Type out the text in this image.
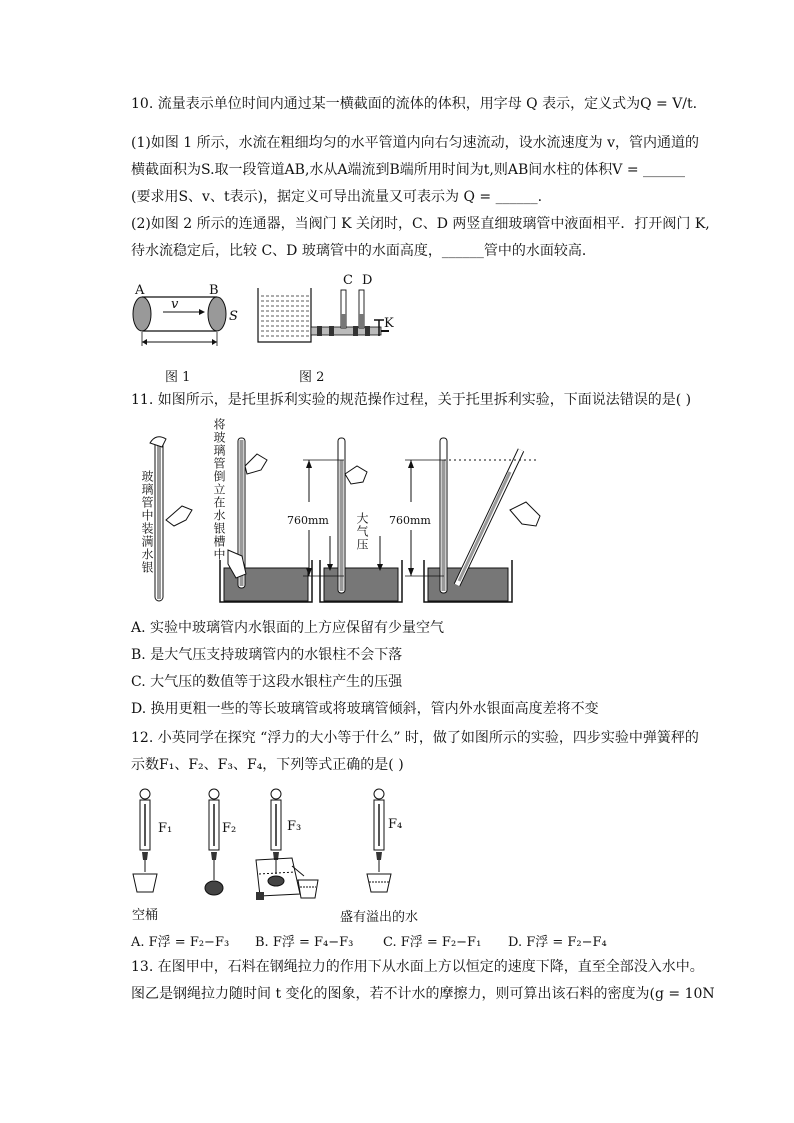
10. 流量表示单位时间内通过某一横截面的流体的体积，用字母 Q 表示，定义式为Q = V/t.
(1)如图 1 所示，水流在粗细均匀的水平管道内向右匀速流动，设水流速度为 v，管内通道的
横截面积为S.取一段管道AB,水从A端流到B端所用时间为t,则AB间水柱的体积V = ______
(要求用S、v、t表示)，据定义可导出流量又可表示为 Q = ______.
(2)如图 2 所示的连通器，当阀门 K 关闭时，C、D 两竖直细玻璃管中液面相平．打开阀门 K,
待水流稳定后，比较 C、D 玻璃管中的水面高度，______管中的水面较高．
A	B
v
S
图 1
C D
K
图 2
11. 如图所示，是托里拆利实验的规范操作过程，关于托里拆利实验，下面说法错误的是( )
玻璃管中装满水银	将玻璃管倒立在水银槽中	大气压
760mm	760mm
A. 实验中玻璃管内水银面的上方应保留有少量空气
B. 是大气压支持玻璃管内的水银柱不会下落
C. 大气压的数值等于这段水银柱产生的压强
D. 换用更粗一些的等长玻璃管或将玻璃管倾斜，管内外水银面高度差将不变
12. 小英同学在探究 “浮力的大小等于什么” 时，做了如图所示的实验，四步实验中弹簧秤的
示数F₁、F₂、F₃、F₄，下列等式正确的是( )
F₁	F₂	F₃	F₄
空桶	盛有溢出的水
A. F浮 = F₂−F₃ B. F浮 = F₄−F₃ C. F浮 = F₂−F₁ D. F浮 = F₂−F₄
13. 在图甲中，石料在钢绳拉力的作用下从水面上方以恒定的速度下降，直至全部没入水中。
图乙是钢绳拉力随时间 t 变化的图象，若不计水的摩擦力，则可算出该石料的密度为(g = 10N
